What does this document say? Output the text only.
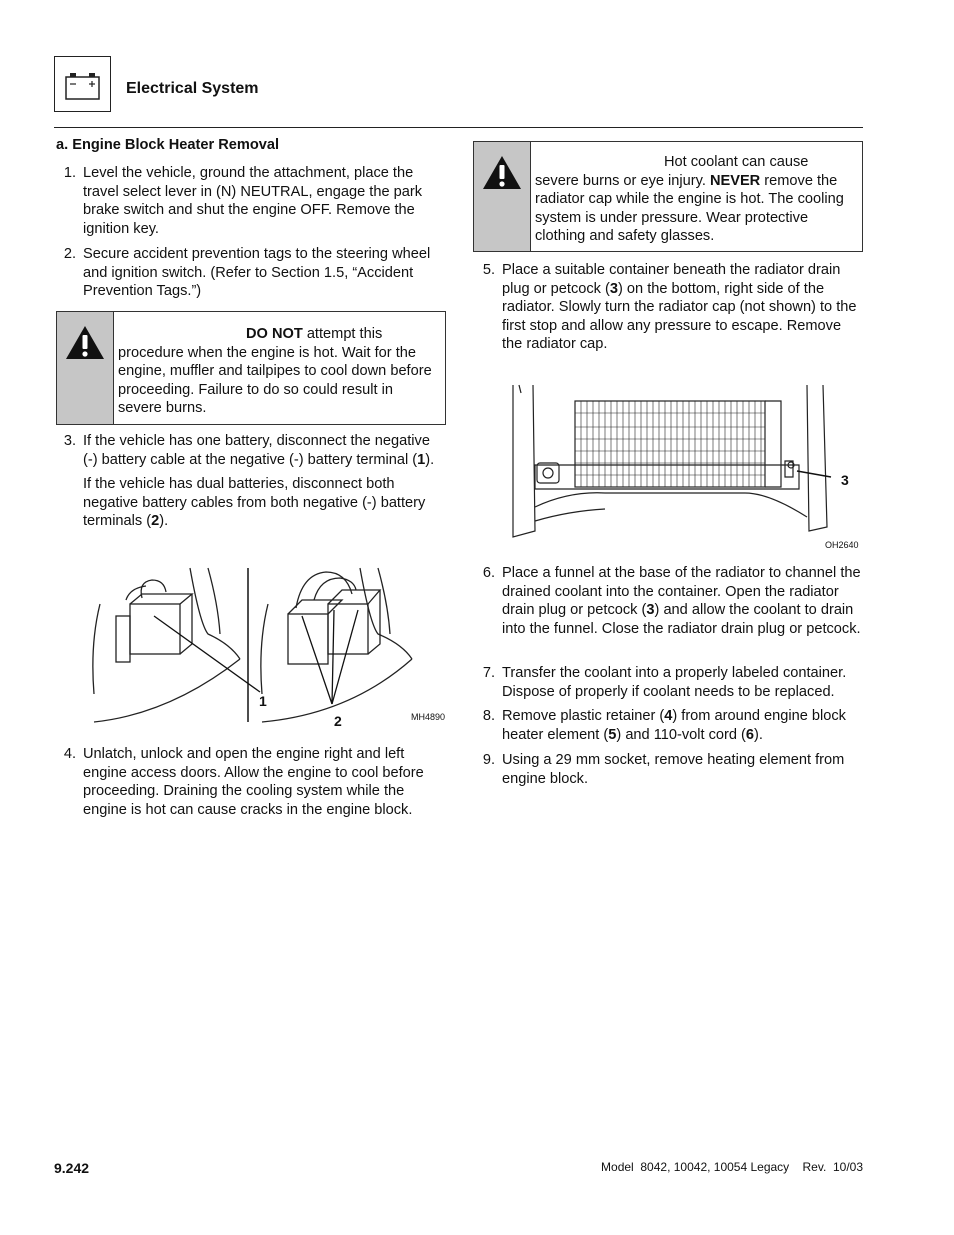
Electrical System
a. Engine Block Heater Removal
1. Level the vehicle, ground the attachment, place the travel select lever in (N) NEUTRAL, engage the park brake switch and shut the engine OFF. Remove the ignition key.
2. Secure accident prevention tags to the steering wheel and ignition switch. (Refer to Section 1.5, “Accident Prevention Tags.”)
DO NOT attempt this
procedure when the engine is hot. Wait for the engine, muffler and tailpipes to cool down before proceeding. Failure to do so could result in severe burns.
3. If the vehicle has one battery, disconnect the negative (-) battery cable at the negative (-) battery terminal (1).
If the vehicle has dual batteries, disconnect both negative battery cables from both negative (-) battery terminals (2).
1
2	MH4890
4. Unlatch, unlock and open the engine right and left engine access doors. Allow the engine to cool before proceeding. Draining the cooling system while the engine is hot can cause cracks in the engine block.
Hot coolant can cause
severe burns or eye injury. NEVER remove the radiator cap while the engine is hot. The cooling system is under pressure. Wear protective clothing and safety glasses.
5. Place a suitable container beneath the radiator drain plug or petcock (3) on the bottom, right side of the radiator. Slowly turn the radiator cap (not shown) to the first stop and allow any pressure to escape. Remove the radiator cap.
3
OH2640
6. Place a funnel at the base of the radiator to channel the drained coolant into the container. Open the radiator drain plug or petcock (3) and allow the coolant to drain into the funnel. Close the radiator drain plug or petcock.
7. Transfer the coolant into a properly labeled container. Dispose of properly if coolant needs to be replaced.
8. Remove plastic retainer (4) from around engine block heater element (5) and 110-volt cord (6).
9. Using a 29 mm socket, remove heating element from engine block.
9.242	Model  8042, 10042, 10054 Legacy    Rev.  10/03
